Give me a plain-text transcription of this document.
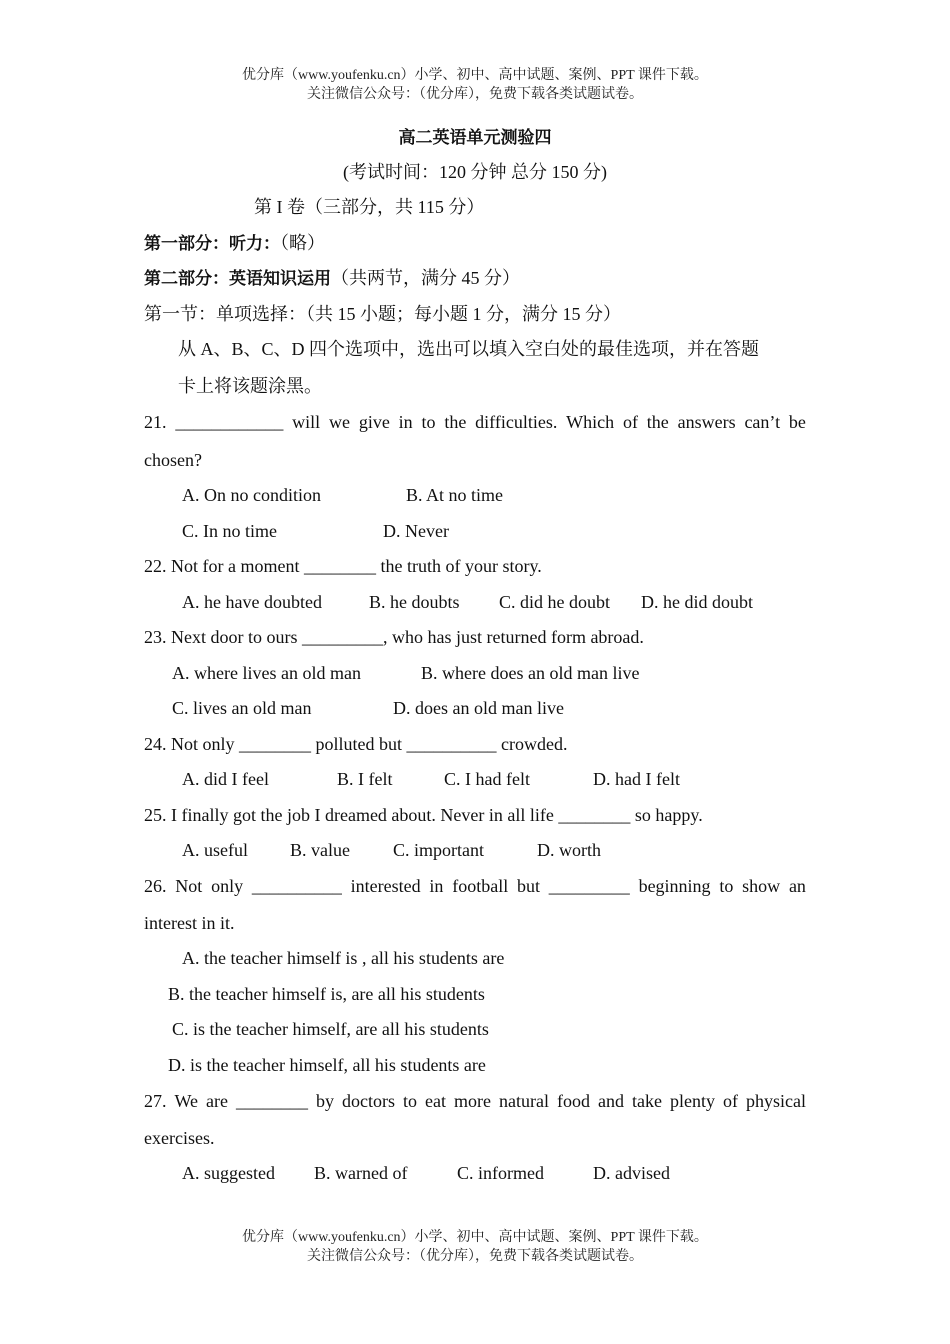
优分库（www.youfenku.cn）小学、初中、高中试题、案例、PPT 课件下载。
关注微信公众号：（优分库），免费下载各类试题试卷。
高二英语单元测验四
(考试时间：120 分钟 总分 150 分)
第 I 卷（三部分，共 115 分）
第一部分：听力：（略）
第二部分：英语知识运用（共两节，满分 45 分）
第一节：单项选择：（共 15 小题；每小题 1 分，满分 15 分）
从 A、B、C、D 四个选项中，选出可以填入空白处的最佳选项，并在答题
卡上将该题涂黑。
21. ____________ will we give in to the difficulties. Which of the answers can’t be
chosen?
A. On no condition	B. At no time
C. In no time	D. Never
22. Not for a moment ________ the truth of your story.
A. he have doubted	B. he doubts C. did he doubt D. he did doubt
23. Next door to ours _________, who has just returned form abroad.
A. where lives an old man	B. where does an old man live
C. lives an old man	D. does an old man live
24. Not only ________ polluted but __________ crowded.
A. did I feel	B. I felt	C. I had felt	D. had I felt
25. I finally got the job I dreamed about. Never in all life ________ so happy.
A. useful B. value C. important	D. worth
26. Not only __________ interested in football but _________ beginning to show an
interest in it.
A. the teacher himself is , all his students are
B. the teacher himself is, are all his students
C. is the teacher himself, are all his students
D. is the teacher himself, all his students are
27. We are ________ by doctors to eat more natural food and take plenty of physical
exercises.
A. suggested B. warned of	C. informed	D. advised
优分库（www.youfenku.cn）小学、初中、高中试题、案例、PPT 课件下载。
关注微信公众号：（优分库），免费下载各类试题试卷。
